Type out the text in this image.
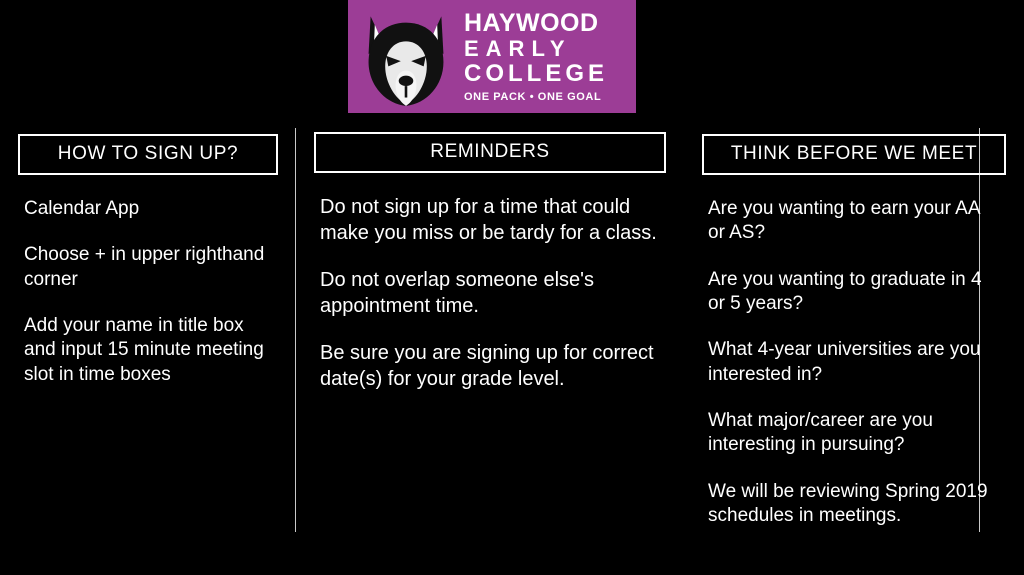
HAYWOOD
EARLY
COLLEGE
ONE PACK • ONE GOAL
HOW TO SIGN UP?
Calendar App
Choose + in upper righthand corner
Add your name in title box and input 15 minute meeting slot in time boxes
REMINDERS
Do not sign up for a time that could make you miss or be tardy for a class.
Do not overlap someone else's appointment time.
Be sure you are signing up for correct date(s) for your grade level.
THINK BEFORE WE MEET
Are you wanting to earn your AA or AS?
Are you wanting to graduate in 4 or 5 years?
What 4-year universities are you interested in?
What major/career are you interesting in pursuing?
We will be reviewing Spring 2019 schedules in meetings.
